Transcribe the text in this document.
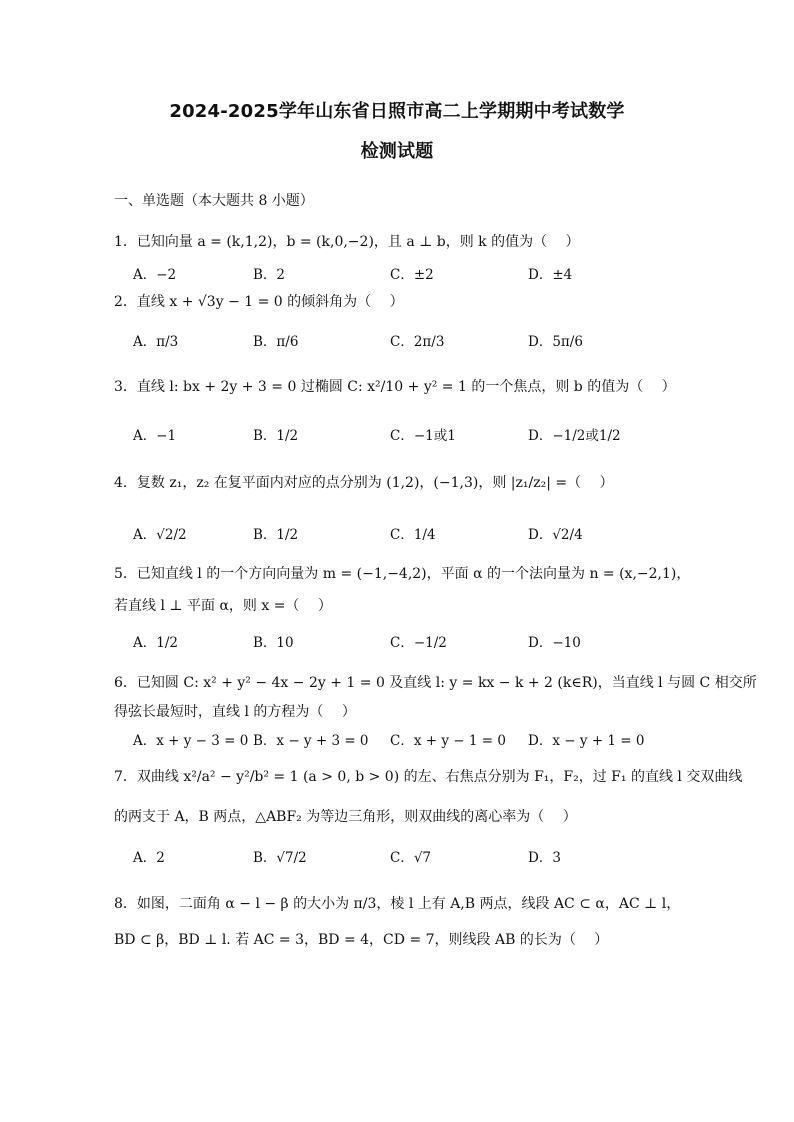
2024-2025学年山东省日照市高二上学期期中考试数学
检测试题
一、单选题（本大题共 8 小题）
1．已知向量 a = (k,1,2)，b = (k,0,−2)，且 a ⊥ b，则 k 的值为（　 ）
A．−2	B．2	C．±2	D．±4
2．直线 x + √3y − 1 = 0 的倾斜角为（　 ）
A．π/3	B．π/6	C．2π/3	D．5π/6
3．直线 l: bx + 2y + 3 = 0 过椭圆 C: x²/10 + y² = 1 的一个焦点，则 b 的值为（　 ）
A．−1	B．1/2	C．−1或1	D．−1/2或1/2
4．复数 z₁，z₂ 在复平面内对应的点分别为 (1,2)，(−1,3)，则 |z₁/z₂| =（　 ）
A．√2/2	B．1/2	C．1/4	D．√2/4
5．已知直线 l 的一个方向向量为 m = (−1,−4,2)，平面 α 的一个法向量为 n = (x,−2,1)，
若直线 l ⊥ 平面 α，则 x =（　 ）
A．1/2	B．10	C．−1/2	D．−10
6．已知圆 C: x² + y² − 4x − 2y + 1 = 0 及直线 l: y = kx − k + 2 (k∈R)，当直线 l 与圆 C 相交所
得弦长最短时，直线 l 的方程为（　 ）
A．x + y − 3 = 0 B．x − y + 3 = 0 C．x + y − 1 = 0 D．x − y + 1 = 0
7．双曲线 x²/a² − y²/b² = 1 (a > 0, b > 0) 的左、右焦点分别为 F₁，F₂，过 F₁ 的直线 l 交双曲线
的两支于 A，B 两点，△ABF₂ 为等边三角形，则双曲线的离心率为（　 ）
A．2	B．√7/2	C．√7	D．3
8．如图，二面角 α − l − β 的大小为 π/3，棱 l 上有 A,B 两点，线段 AC ⊂ α，AC ⊥ l，
BD ⊂ β，BD ⊥ l. 若 AC = 3，BD = 4，CD = 7，则线段 AB 的长为（　 ）
